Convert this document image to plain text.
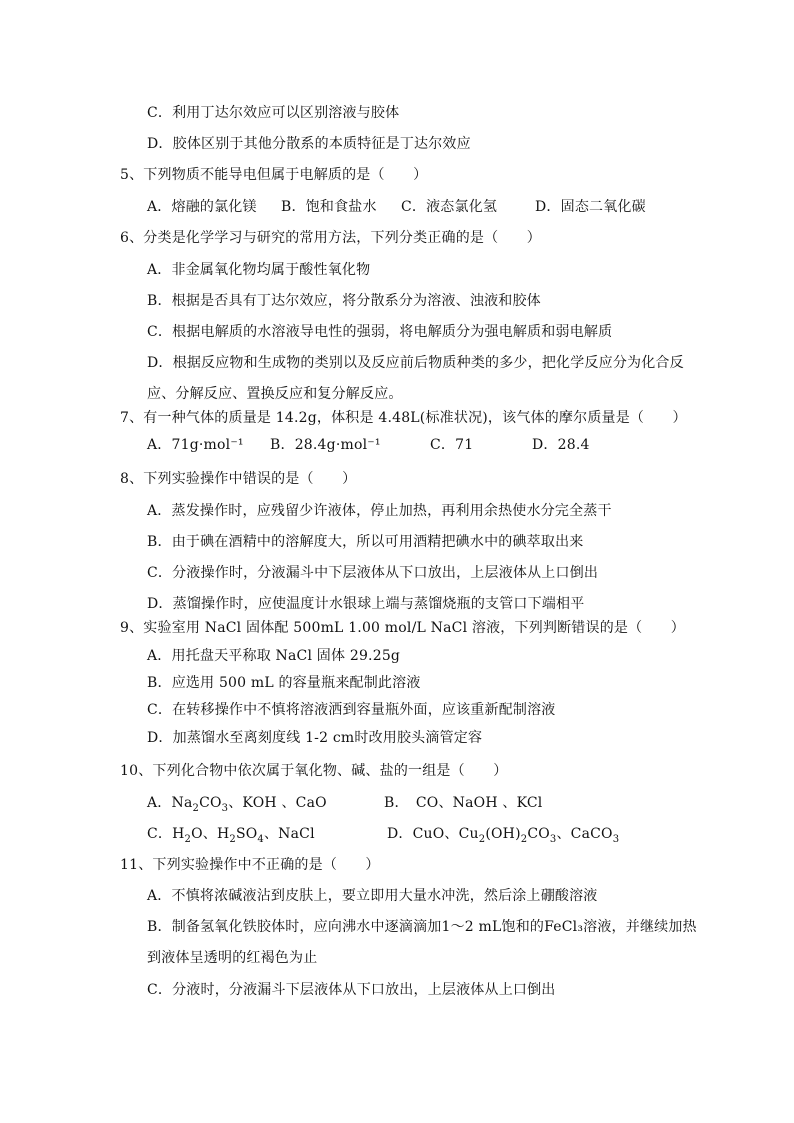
C．利用丁达尔效应可以区别溶液与胶体
D．胶体区别于其他分散系的本质特征是丁达尔效应
5、下列物质不能导电但属于电解质的是（　　）
A．熔融的氯化镁	B．饱和食盐水	C．液态氯化氢	D．固态二氧化碳
6、分类是化学学习与研究的常用方法，下列分类正确的是（　　）
A．非金属氧化物均属于酸性氧化物
B．根据是否具有丁达尔效应，将分散系分为溶液、浊液和胶体
C．根据电解质的水溶液导电性的强弱，将电解质分为强电解质和弱电解质
D．根据反应物和生成物的类别以及反应前后物质种类的多少，把化学反应分为化合反
应、分解反应、置换反应和复分解反应。
7、有一种气体的质量是 14.2g，体积是 4.48L(标准状况)，该气体的摩尔质量是（　　）
A．71g·mol⁻¹	B．28.4g·mol⁻¹	C．71	D．28.4
8、下列实验操作中错误的是（　　）
A．蒸发操作时，应残留少许液体，停止加热，再利用余热使水分完全蒸干
B．由于碘在酒精中的溶解度大，所以可用酒精把碘水中的碘萃取出来
C．分液操作时，分液漏斗中下层液体从下口放出，上层液体从上口倒出
D．蒸馏操作时，应使温度计水银球上端与蒸馏烧瓶的支管口下端相平
9、实验室用 NaCl 固体配 500mL 1.00 mol/L NaCl 溶液，下列判断错误的是（　　）
A．用托盘天平称取 NaCl 固体 29.25g
B．应选用 500 mL 的容量瓶来配制此溶液
C．在转移操作中不慎将溶液洒到容量瓶外面，应该重新配制溶液
D．加蒸馏水至离刻度线 1-2 cm时改用胶头滴管定容
10、下列化合物中依次属于氧化物、碱、盐的一组是（　　）
A．$Na_2CO_3$、KOH 、CaO	B．　CO、NaOH 、KCl
C．$H_2O$、$H_2SO_4$、NaCl	D．CuO、$Cu_2(OH)_2CO_3$、CaCO$_3$
11、下列实验操作中不正确的是（　　）
A．不慎将浓碱液沾到皮肤上，要立即用大量水冲洗，然后涂上硼酸溶液
B．制备氢氧化铁胶体时，应向沸水中逐滴滴加1～2 mL饱和的FeCl₃溶液，并继续加热
到液体呈透明的红褐色为止
C．分液时，分液漏斗下层液体从下口放出，上层液体从上口倒出
